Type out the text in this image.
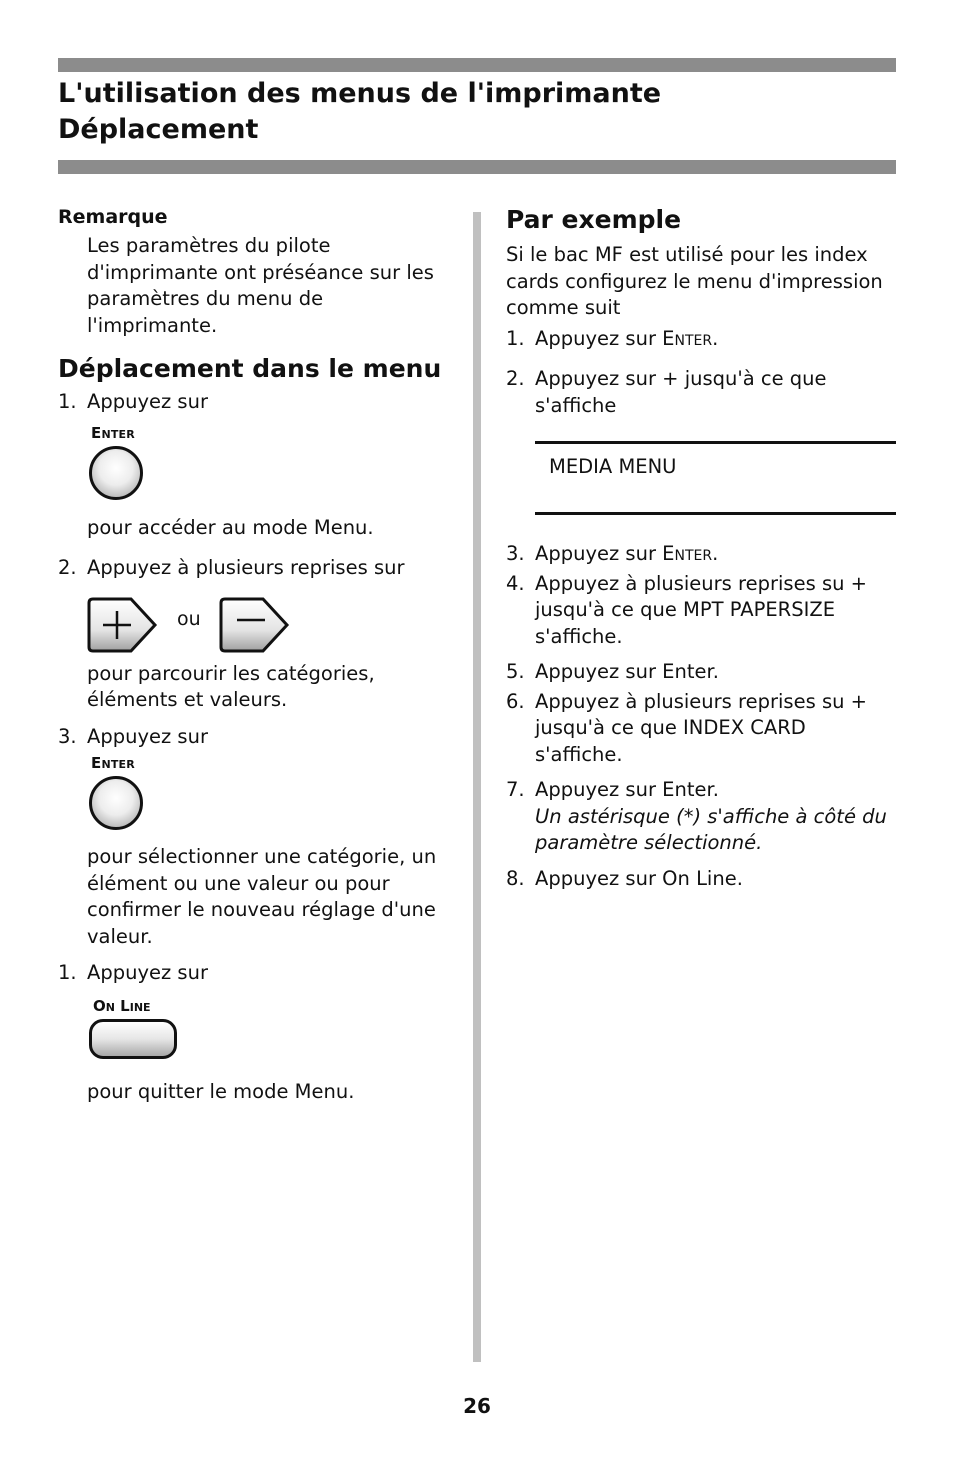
L'utilisation des menus de l'imprimante
Déplacement
Remarque
Les paramètres du pilote d'imprimante ont préséance sur les paramètres du menu de l'imprimante.
Déplacement dans le menu
1. Appuyez sur
Enter
pour accéder au mode Menu.
2. Appuyez à plusieurs reprises sur
ou
pour parcourir les catégories, éléments et valeurs.
3. Appuyez sur
Enter
pour sélectionner une catégorie, un élément ou une valeur ou pour confirmer le nouveau réglage d'une valeur.
1. Appuyez sur
On Line
pour quitter le mode Menu.
Par exemple
Si le bac MF est utilisé pour les index cards configurez le menu d'impression comme suit
1. Appuyez sur Enter.
2. Appuyez sur + jusqu'à ce que s'affiche
MEDIA MENU
3. Appuyez sur Enter.
4. Appuyez à plusieurs reprises su + jusqu'à ce que MPT PAPERSIZE s'affiche.
5. Appuyez sur Enter.
6. Appuyez à plusieurs reprises su + jusqu'à ce que INDEX CARD s'affiche.
7. Appuyez sur Enter.
Un astérisque (*) s'affiche à côté du paramètre sélectionné.
8. Appuyez sur On Line.
26
